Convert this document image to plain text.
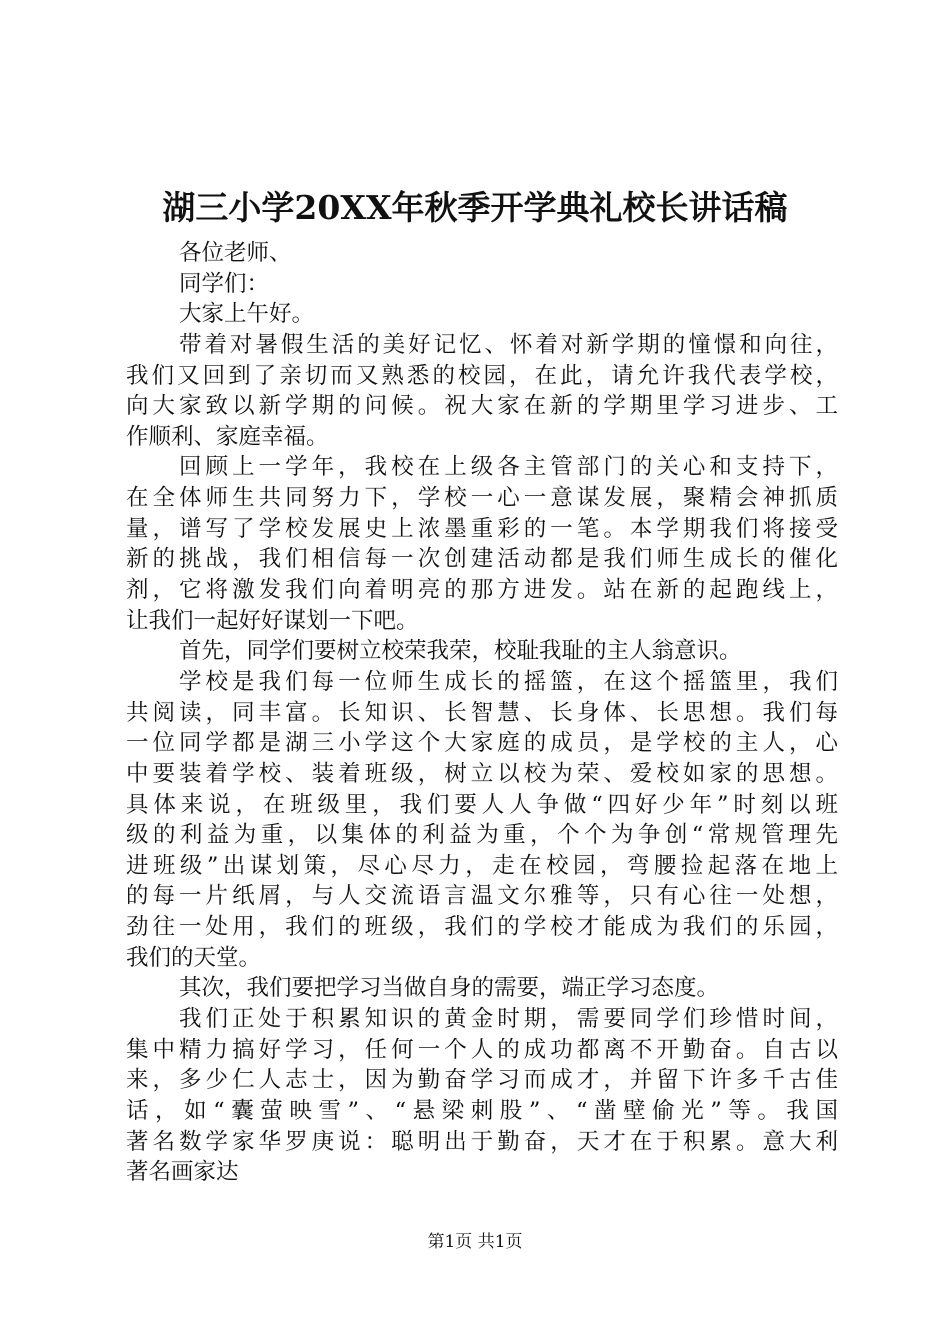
湖三小学20XX年秋季开学典礼校长讲话稿
各位老师、
同学们：
大家上午好。
带着对暑假生活的美好记忆、怀着对新学期的憧憬和向往，
我们又回到了亲切而又熟悉的校园，在此，请允许我代表学校，
向大家致以新学期的问候。祝大家在新的学期里学习进步、工
作顺利、家庭幸福。
回顾上一学年，我校在上级各主管部门的关心和支持下，
在全体师生共同努力下，学校一心一意谋发展，聚精会神抓质
量，谱写了学校发展史上浓墨重彩的一笔。本学期我们将接受
新的挑战，我们相信每一次创建活动都是我们师生成长的催化
剂，它将激发我们向着明亮的那方进发。站在新的起跑线上，
让我们一起好好谋划一下吧。
首先，同学们要树立校荣我荣，校耻我耻的主人翁意识。
学校是我们每一位师生成长的摇篮，在这个摇篮里，我们
共阅读，同丰富。长知识、长智慧、长身体、长思想。我们每
一位同学都是湖三小学这个大家庭的成员，是学校的主人，心
中要装着学校、装着班级，树立以校为荣、爱校如家的思想。
具体来说，在班级里，我们要人人争做“四好少年”时刻以班
级的利益为重，以集体的利益为重，个个为争创“常规管理先
进班级”出谋划策，尽心尽力，走在校园，弯腰捡起落在地上
的每一片纸屑，与人交流语言温文尔雅等，只有心往一处想，
劲往一处用，我们的班级，我们的学校才能成为我们的乐园，
我们的天堂。
其次，我们要把学习当做自身的需要，端正学习态度。
我们正处于积累知识的黄金时期，需要同学们珍惜时间，
集中精力搞好学习，任何一个人的成功都离不开勤奋。自古以
来，多少仁人志士，因为勤奋学习而成才，并留下许多千古佳
话，如“囊萤映雪”、“悬梁刺股”、“凿壁偷光”等。我国
著名数学家华罗庚说：聪明出于勤奋，天才在于积累。意大利
著名画家达
第1页 共1页
